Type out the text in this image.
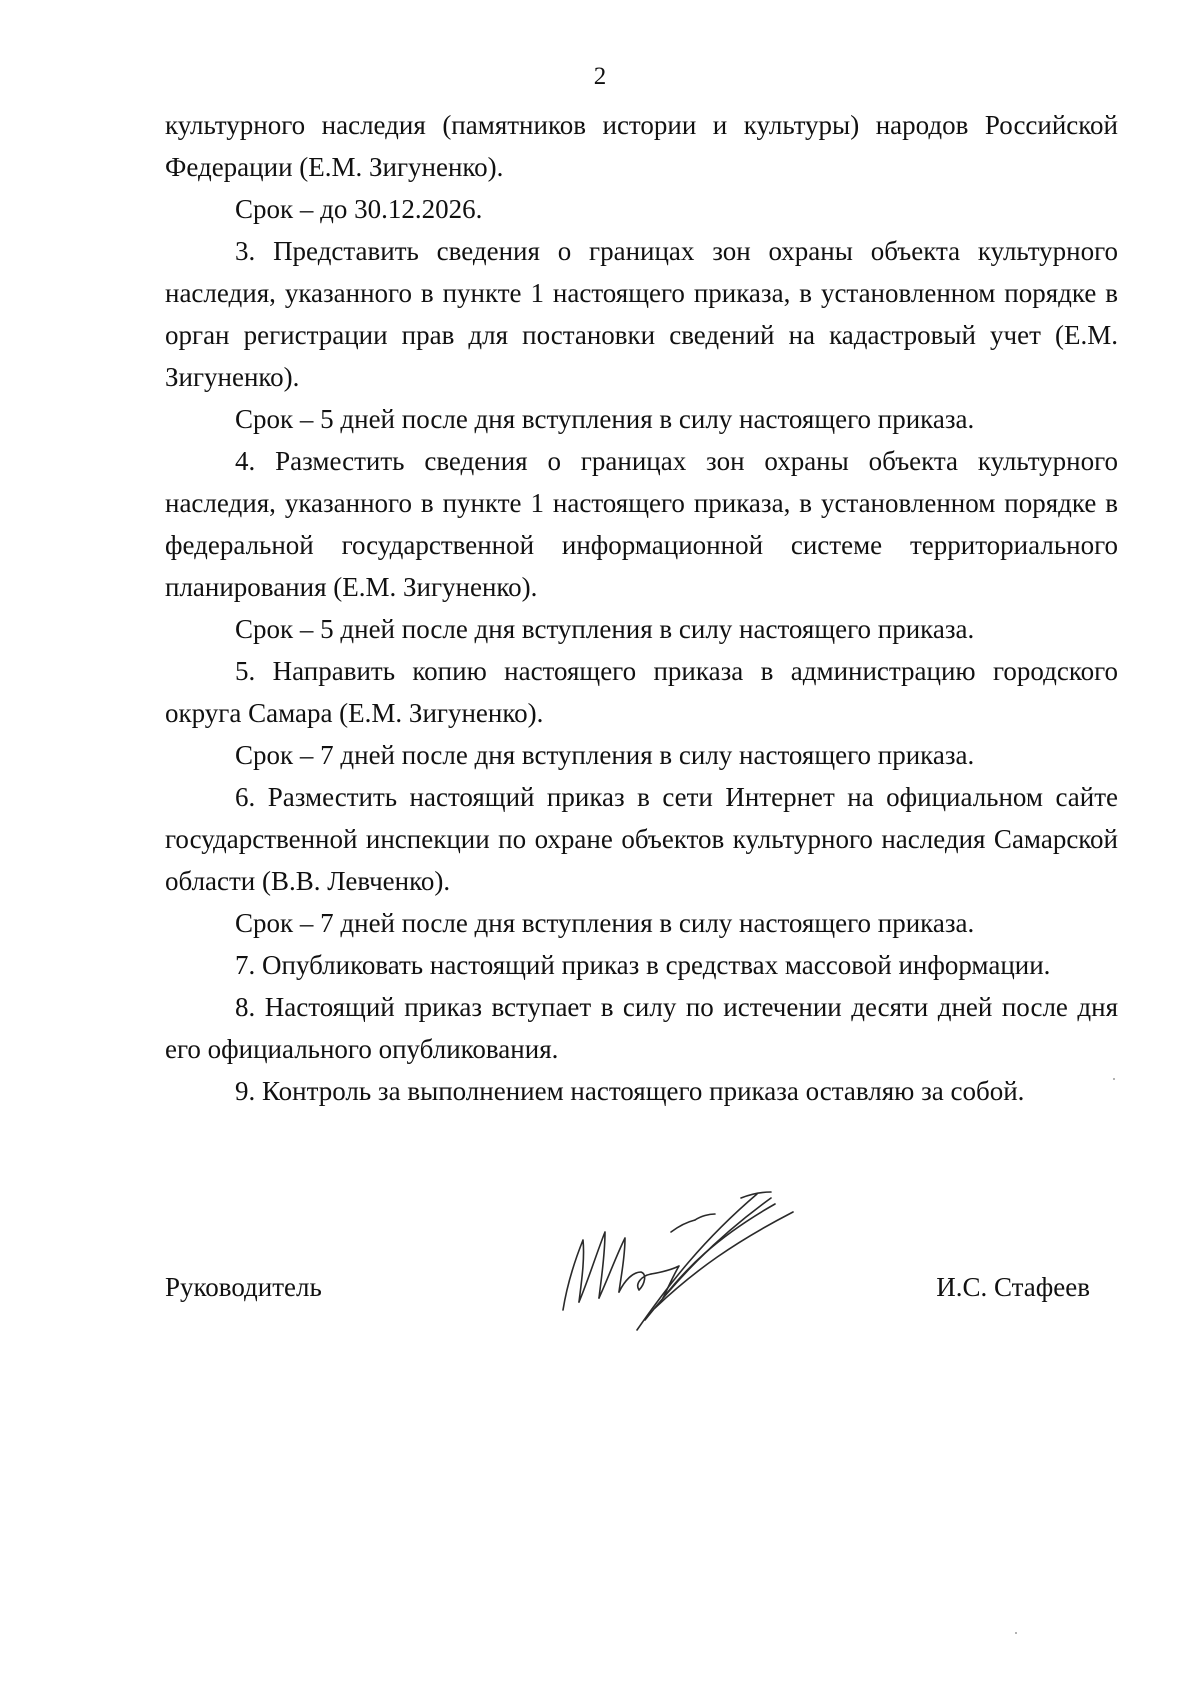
2

культурного наследия (памятников истории и культуры) народов Российской Федерации (Е.М. Зигуненко).

Срок – до 30.12.2026.

3. Представить сведения о границах зон охраны объекта культурного наследия, указанного в пункте 1 настоящего приказа, в установленном порядке в орган регистрации прав для постановки сведений на кадастровый учет (Е.М. Зигуненко).

Срок – 5 дней после дня вступления в силу настоящего приказа.

4. Разместить сведения о границах зон охраны объекта культурного наследия, указанного в пункте 1 настоящего приказа, в установленном порядке в федеральной государственной информационной системе территориального планирования (Е.М. Зигуненко).

Срок – 5 дней после дня вступления в силу настоящего приказа.

5. Направить копию настоящего приказа в администрацию городского округа Самара (Е.М. Зигуненко).

Срок – 7 дней после дня вступления в силу настоящего приказа.

6. Разместить настоящий приказ в сети Интернет на официальном сайте государственной инспекции по охране объектов культурного наследия Самарской области (В.В. Левченко).

Срок – 7 дней после дня вступления в силу настоящего приказа.

7. Опубликовать настоящий приказ в средствах массовой информации.

8. Настоящий приказ вступает в силу по истечении десяти дней после дня его официального опубликования.

9. Контроль за выполнением настоящего приказа оставляю за собой.

Руководитель	И.С. Стафеев
